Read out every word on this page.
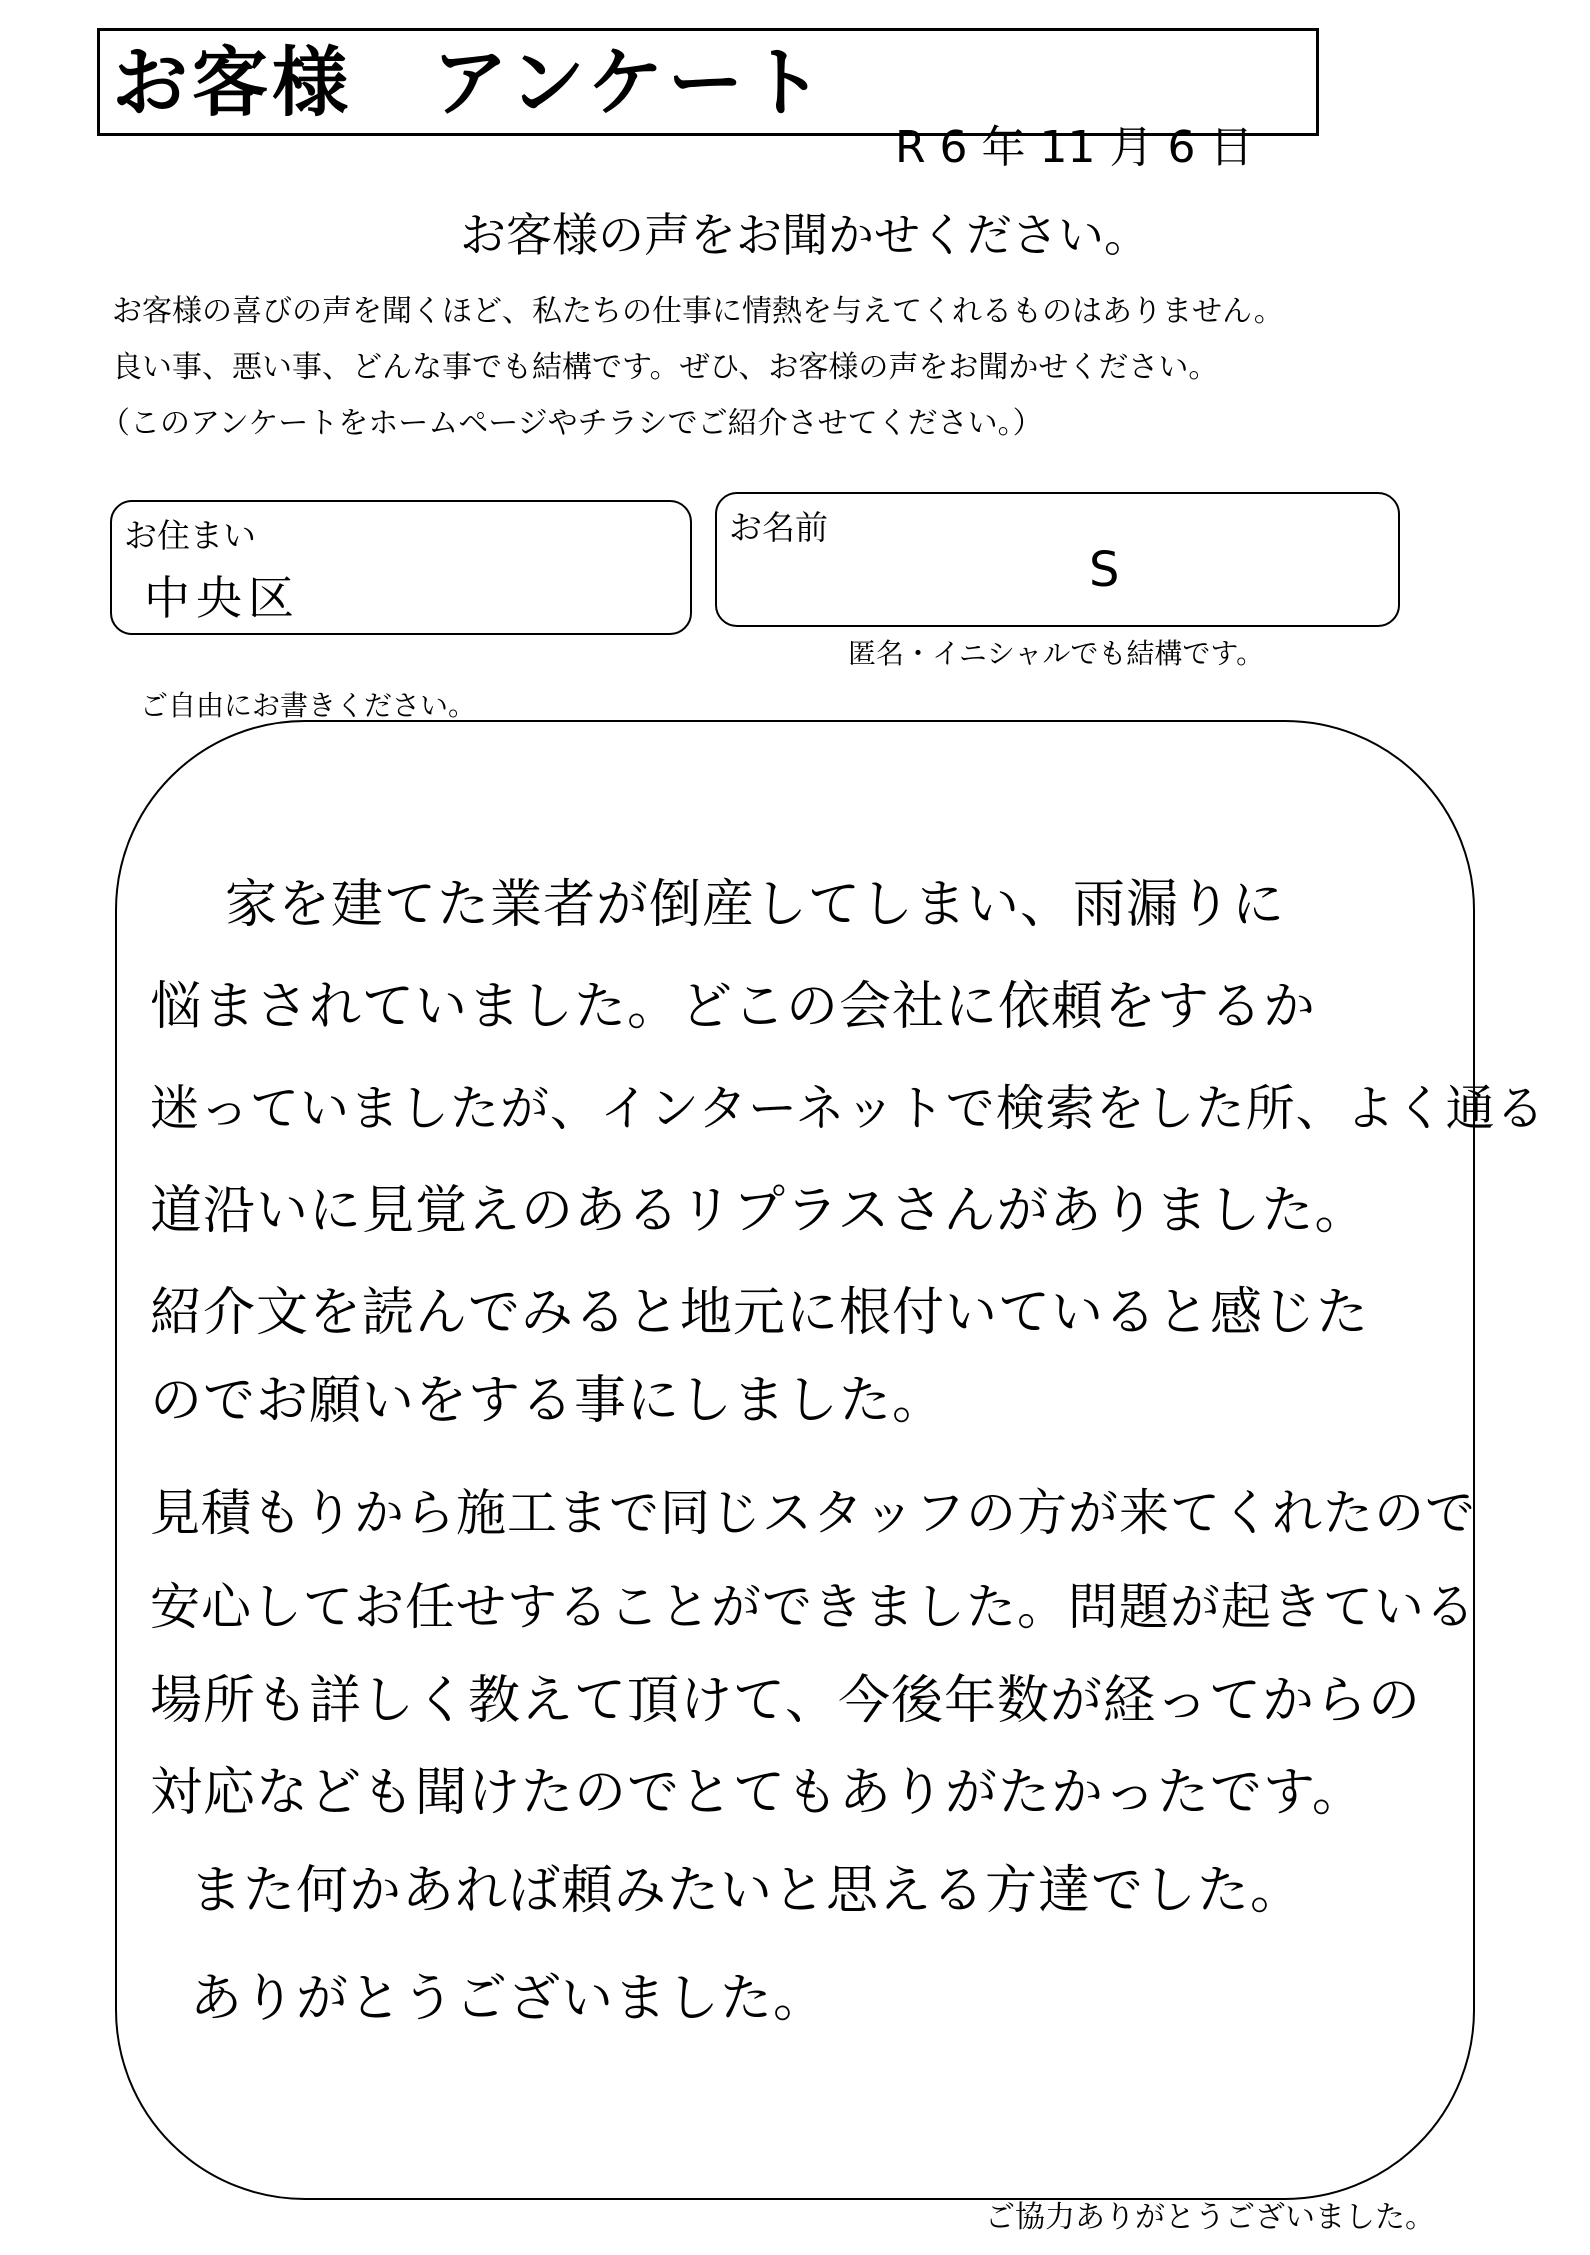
お客様　アンケート
R 6 年 11 月 6 日
お客様の声をお聞かせください。
お客様の喜びの声を聞くほど、私たちの仕事に情熱を与えてくれるものはありません。
良い事、悪い事、どんな事でも結構です。ぜひ、お客様の声をお聞かせください。
（このアンケートをホームページやチラシでご紹介させてください。）
お住まい
中央区
お名前
S
匿名・イニシャルでも結構です。
ご自由にお書きください。
家を建てた業者が倒産してしまい、雨漏りに
悩まされていました。どこの会社に依頼をするか
迷っていましたが、インターネットで検索をした所、よく通る
道沿いに見覚えのあるリプラスさんがありました。
紹介文を読んでみると地元に根付いていると感じた
のでお願いをする事にしました。
見積もりから施工まで同じスタッフの方が来てくれたので
安心してお任せすることができました。問題が起きている
場所も詳しく教えて頂けて、今後年数が経ってからの
対応なども聞けたのでとてもありがたかったです。
また何かあれば頼みたいと思える方達でした。
ありがとうございました。
ご協力ありがとうございました。
